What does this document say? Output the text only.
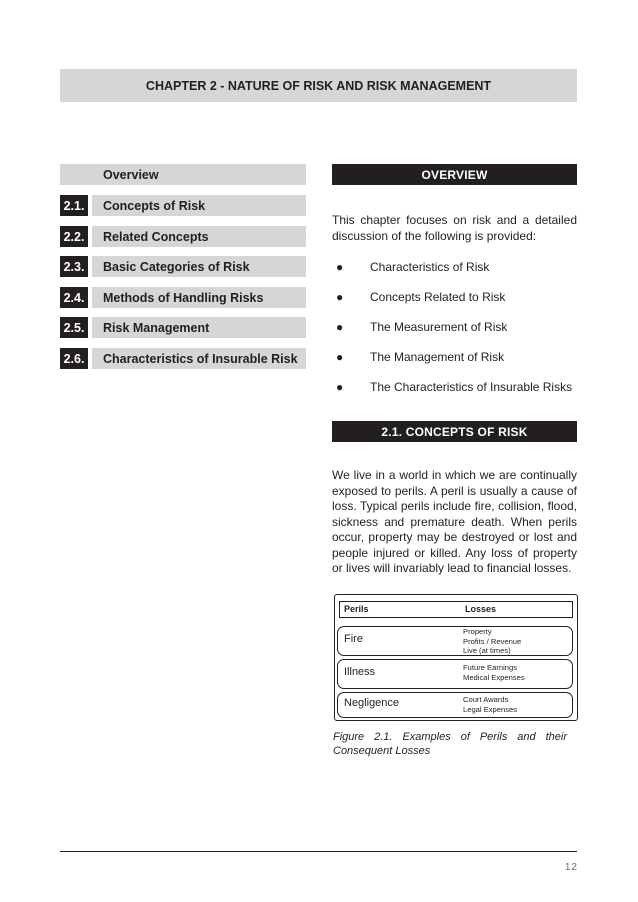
CHAPTER 2 - NATURE OF RISK AND RISK MANAGEMENT
Overview
2.1.	Concepts of Risk
2.2.	Related Concepts
2.3.	Basic Categories of Risk
2.4.	Methods of Handling Risks
2.5.	Risk Management
2.6.	Characteristics of Insurable Risk
OVERVIEW

This chapter focuses on risk and a detailed discussion of the following is provided:

● Characteristics of Risk
● Concepts Related to Risk
● The Measurement of Risk
● The Management of Risk
● The Characteristics of Insurable Risks
2.1. CONCEPTS OF RISK

We live in a world in which we are continually exposed to perils. A peril is usually a cause of loss. Typical perils include fire, collision, flood, sickness and premature death. When perils occur, property may be destroyed or lost and people injured or killed. Any loss of property or lives will invariably lead to financial losses.

Perils	Losses
Fire
Property
Profits / Revenue
Live (at times)
Illness	Future Earnings
Medical Expenses
Negligence	Court Awards
Legal Expenses

Figure 2.1. Examples of Perils and their
Consequent Losses

12
